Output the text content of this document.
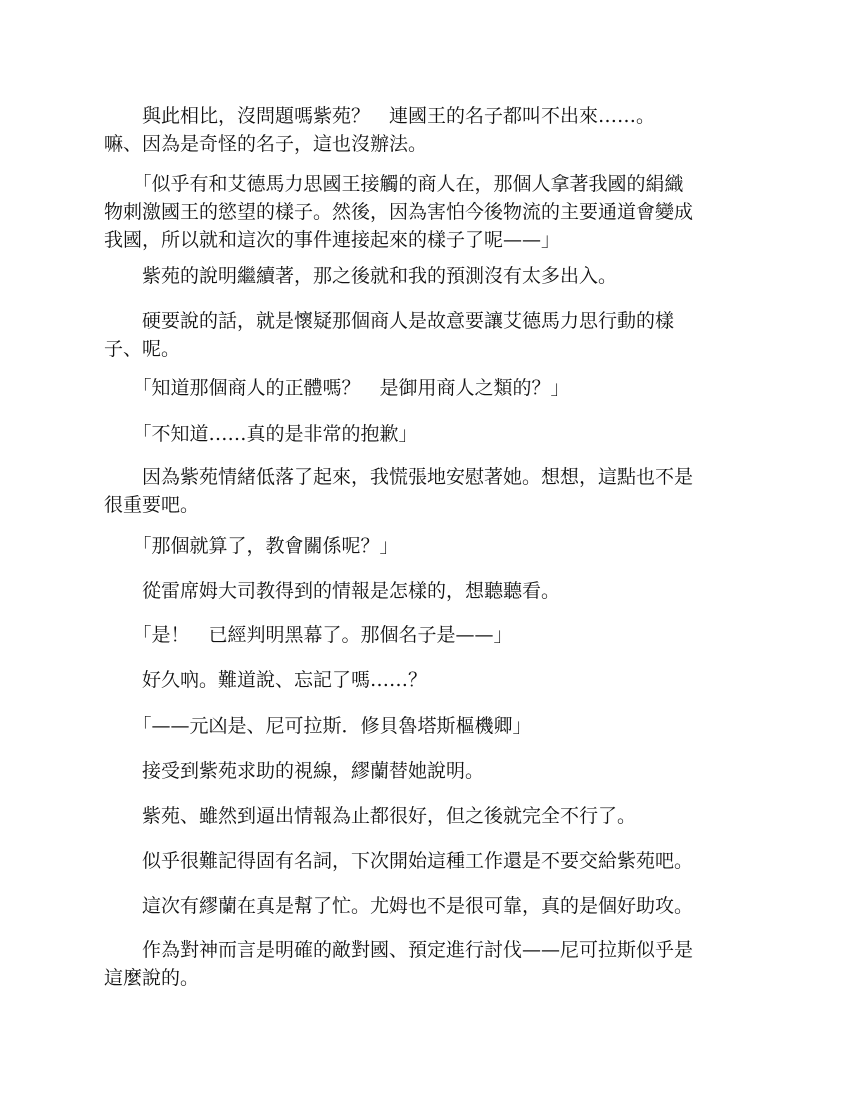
　　與此相比，沒問題嗎紫苑？　連國王的名子都叫不出來……。
嘛、因為是奇怪的名子，這也沒辦法。

　　「似乎有和艾德馬力思國王接觸的商人在，那個人拿著我國的絹織
物刺激國王的慾望的樣子。然後，因為害怕今後物流的主要通道會變成
我國，所以就和這次的事件連接起來的樣子了呢——」

　　紫苑的說明繼續著，那之後就和我的預測沒有太多出入。

　　硬要說的話，就是懷疑那個商人是故意要讓艾德馬力思行動的樣
子、呢。

　　「知道那個商人的正體嗎？　是御用商人之類的？」

　　「不知道……真的是非常的抱歉」

　　因為紫苑情緒低落了起來，我慌張地安慰著她。想想，這點也不是
很重要吧。

　　「那個就算了，教會關係呢？」

　　從雷席姆大司教得到的情報是怎樣的，想聽聽看。

　　「是！　已經判明黑幕了。那個名子是——」

　　好久吶。難道說、忘記了嗎……？

　　「——元凶是、尼可拉斯．修貝魯塔斯樞機卿」

　　接受到紫苑求助的視線，繆蘭替她說明。

　　紫苑、雖然到逼出情報為止都很好，但之後就完全不行了。

　　似乎很難記得固有名詞，下次開始這種工作還是不要交給紫苑吧。

　　這次有繆蘭在真是幫了忙。尤姆也不是很可靠，真的是個好助攻。

　　作為對神而言是明確的敵對國、預定進行討伐——尼可拉斯似乎是
這麼說的。
